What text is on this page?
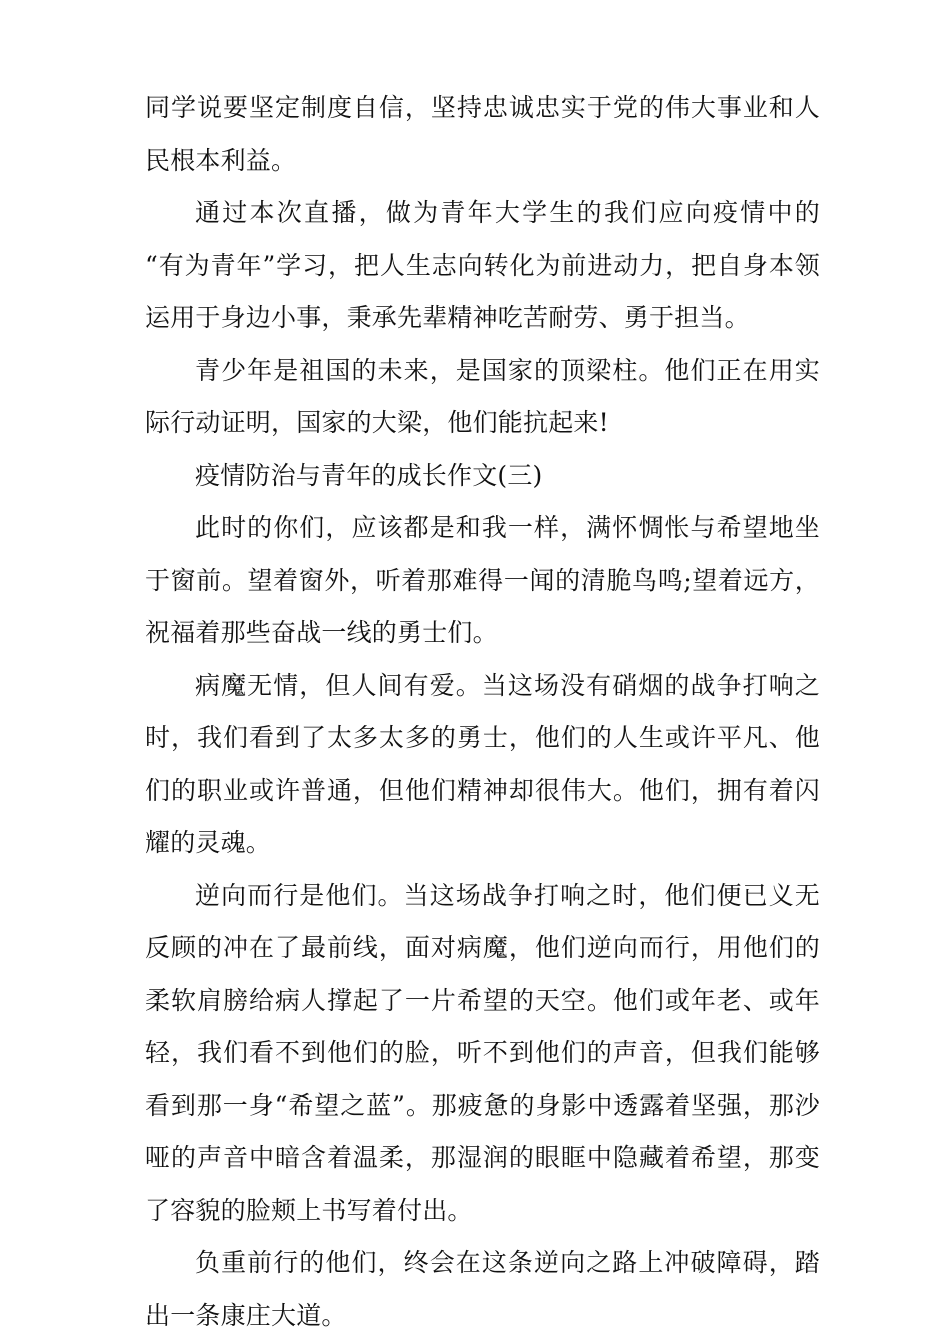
同学说要坚定制度自信，坚持忠诚忠实于党的伟大事业和人民根本利益。

通过本次直播，做为青年大学生的我们应向疫情中的 “有为青年”学习，把人生志向转化为前进动力，把自身本领运用于身边小事，秉承先辈精神吃苦耐劳、勇于担当。

青少年是祖国的未来，是国家的顶梁柱。他们正在用实际行动证明，国家的大梁，他们能抗起来!

疫情防治与青年的成长作文(三)

此时的你们，应该都是和我一样，满怀惆怅与希望地坐于窗前。望着窗外，听着那难得一闻的清脆鸟鸣;望着远方，祝福着那些奋战一线的勇士们。

病魔无情，但人间有爱。当这场没有硝烟的战争打响之时，我们看到了太多太多的勇士，他们的人生或许平凡、他们的职业或许普通，但他们精神却很伟大。他们，拥有着闪耀的灵魂。

逆向而行是他们。当这场战争打响之时，他们便已义无反顾的冲在了最前线，面对病魔，他们逆向而行，用他们的柔软肩膀给病人撑起了一片希望的天空。他们或年老、或年轻，我们看不到他们的脸，听不到他们的声音，但我们能够看到那一身“希望之蓝”。那疲惫的身影中透露着坚强，那沙哑的声音中暗含着温柔，那湿润的眼眶中隐藏着希望，那变了容貌的脸颊上书写着付出。

负重前行的他们，终会在这条逆向之路上冲破障碍，踏出一条康庄大道。
